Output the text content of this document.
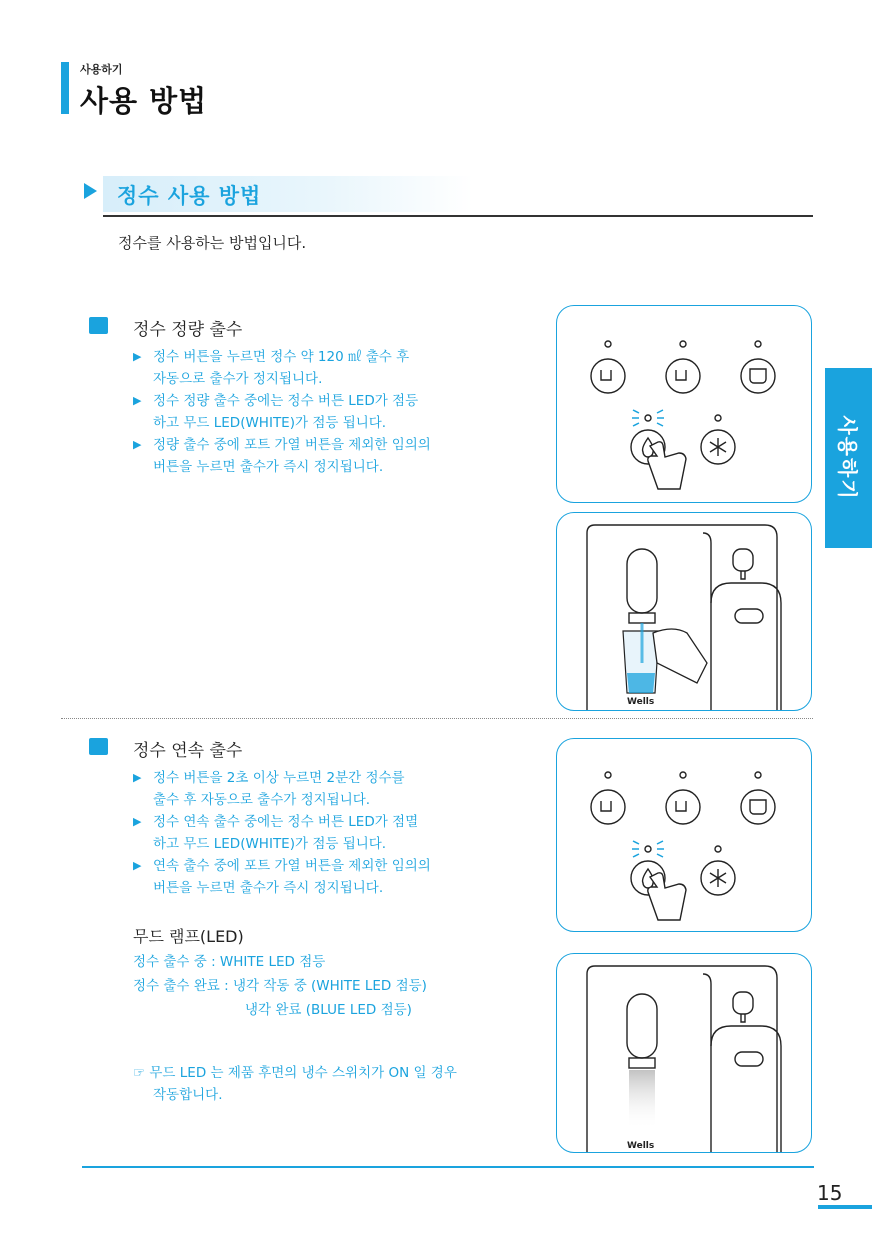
사용하기
사용 방법
정수 사용 방법
정수를 사용하는 방법입니다.
정수 정량 출수
▶ 정수 버튼을 누르면 정수 약 120 ㎖ 출수 후
자동으로 출수가 정지됩니다.
▶ 정수 정량 출수 중에는 정수 버튼 LED가 점등
하고 무드 LED(WHITE)가 점등 됩니다.
▶ 정량 출수 중에 포트 가열 버튼을 제외한 임의의
버튼을 누르면 출수가 즉시 정지됩니다.
정수 연속 출수
▶ 정수 버튼을 2초 이상 누르면 2분간 정수를
출수 후 자동으로 출수가 정지됩니다.
▶ 정수 연속 출수 중에는 정수 버튼 LED가 점멸
하고 무드 LED(WHITE)가 점등 됩니다.
▶ 연속 출수 중에 포트 가열 버튼을 제외한 임의의
버튼을 누르면 출수가 즉시 정지됩니다.
무드 램프(LED)
정수 출수 중 : WHITE LED 점등
정수 출수 완료 : 냉각 작동 중 (WHITE LED 점등)
냉각 완료 (BLUE LED 점등)
☞ 무드 LED 는 제품 후면의 냉수 스위치가 ON 일 경우
작동합니다.
Wells
Wells
사용하기
15
